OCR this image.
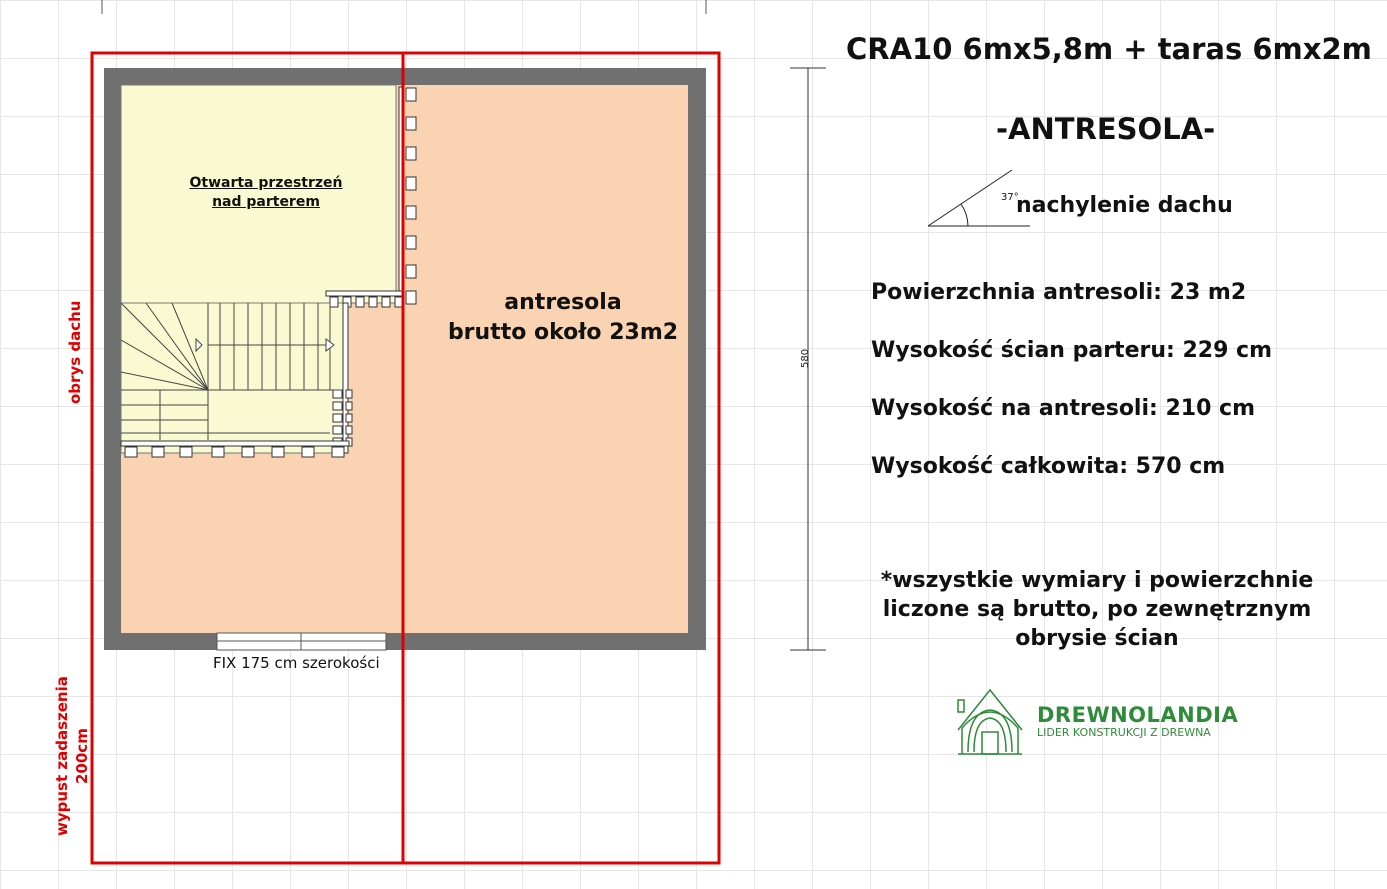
Otwarta przestrzeń
nad parterem
antresola
brutto około 23m2
FIX 175 cm szerokości
580
obrys dachu
wypust zadaszenia 200cm
CRA10 6mx5,8m + taras 6mx2m
-ANTRESOLA-
37°
nachylenie dachu
Powierzchnia antresoli: 23 m2
Wysokość ścian parteru: 229 cm
Wysokość na antresoli: 210 cm
Wysokość całkowita: 570 cm
*wszystkie wymiary i powierzchnie liczone są brutto, po zewnętrznym obrysie ścian
DREWNOLANDIA
LIDER KONSTRUKCJI Z DREWNA
